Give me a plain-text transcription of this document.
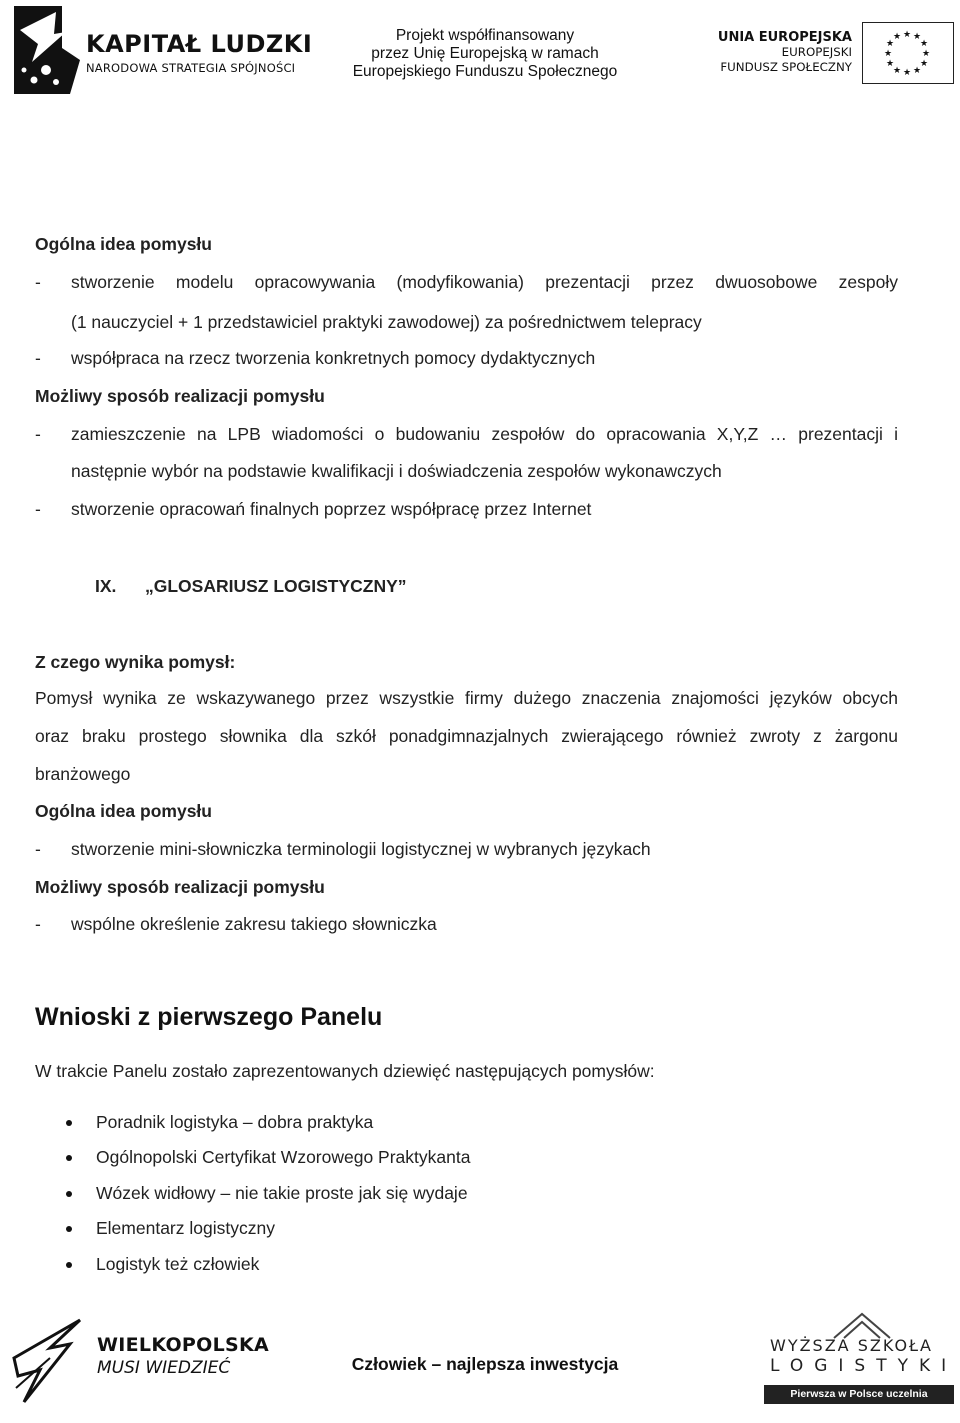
KAPITAŁ LUDZKI
NARODOWA STRATEGIA SPÓJNOŚCI
Projekt współfinansowany
przez Unię Europejską w ramach
Europejskiego Funduszu Społecznego
UNIA EUROPEJSKA
EUROPEJSKI
FUNDUSZ SPOŁECZNY
★ ★
★
★
★
★
★
★
★
★
★
★
Ogólna idea pomysłu
- stworzenie modelu opracowywania (modyfikowania) prezentacji przez dwuosobowe zespoły
(1 nauczyciel + 1 przedstawiciel praktyki zawodowej) za pośrednictwem telepracy
- współpraca na rzecz tworzenia konkretnych pomocy dydaktycznych
Możliwy sposób realizacji pomysłu
- zamieszczenie na LPB wiadomości o budowaniu zespołów do opracowania X,Y,Z … prezentacji i
następnie wybór na podstawie kwalifikacji i doświadczenia zespołów wykonawczych
- stworzenie opracowań finalnych poprzez współpracę przez Internet
IX. „GLOSARIUSZ LOGISTYCZNY”
Z czego wynika pomysł:
Pomysł wynika ze wskazywanego przez wszystkie firmy dużego znaczenia znajomości języków obcych
oraz braku prostego słownika dla szkół ponadgimnazjalnych zwierającego również zwroty z żargonu
branżowego
Ogólna idea pomysłu
- stworzenie mini-słowniczka terminologii logistycznej w wybranych językach
Możliwy sposób realizacji pomysłu
- wspólne określenie zakresu takiego słowniczka
Wnioski z pierwszego Panelu
W trakcie Panelu zostało zaprezentowanych dziewięć następujących pomysłów:
Poradnik logistyka – dobra praktyka
Ogólnopolski Certyfikat Wzorowego Praktykanta
Wózek widłowy – nie takie proste jak się wydaje
Elementarz logistyczny
Logistyk też człowiek
WIELKOPOLSKA
MUSI WIEDZIEĆ	Człowiek – najlepsza inwestycja
WYŻSZA SZKOŁA
LOGISTYKI
Pierwsza w Polsce uczelnia logistyczna
